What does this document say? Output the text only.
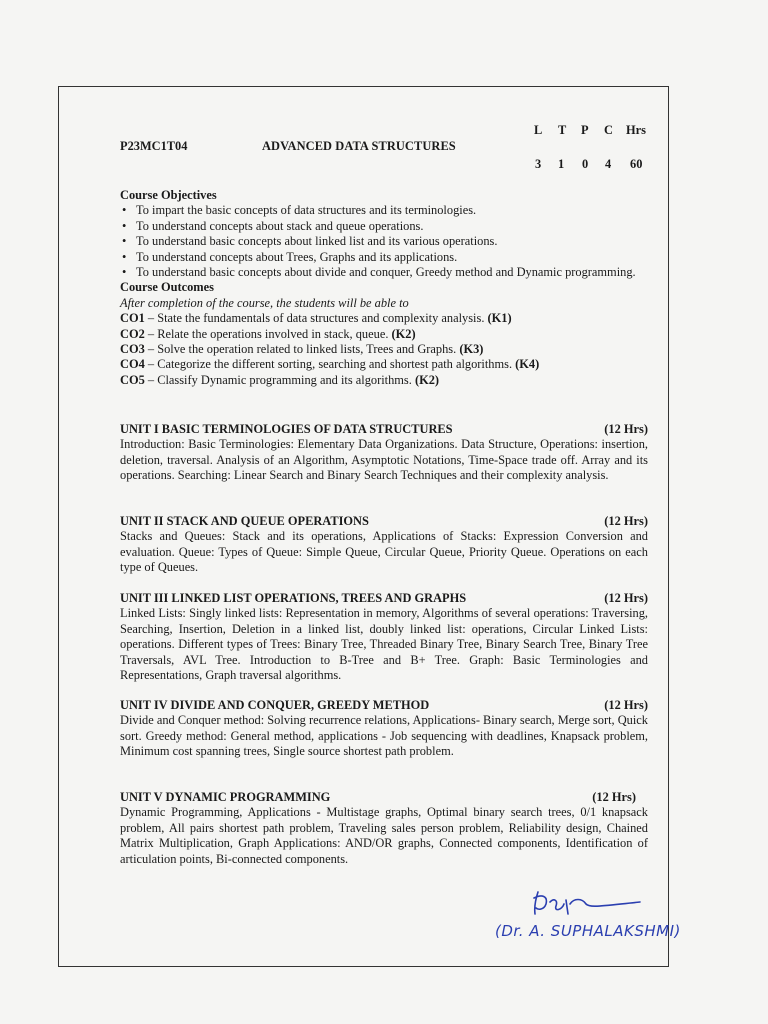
P23MC1T04	ADVANCED DATA STRUCTURES
L T P C Hrs
3 1 0 4 60
Course Objectives
• To impart the basic concepts of data structures and its terminologies.
• To understand concepts about stack and queue operations.
• To understand basic concepts about linked list and its various operations.
• To understand concepts about Trees, Graphs and its applications.
• To understand basic concepts about divide and conquer, Greedy method and Dynamic programming.
Course Outcomes
After completion of the course, the students will be able to
CO1 – State the fundamentals of data structures and complexity analysis. (K1)
CO2 – Relate the operations involved in stack, queue. (K2)
CO3 – Solve the operation related to linked lists, Trees and Graphs. (K3)
CO4 – Categorize the different sorting, searching and shortest path algorithms. (K4)
CO5 – Classify Dynamic programming and its algorithms. (K2)
UNIT I BASIC TERMINOLOGIES OF DATA STRUCTURES	(12 Hrs)
Introduction: Basic Terminologies: Elementary Data Organizations. Data Structure, Operations: insertion, deletion, traversal. Analysis of an Algorithm, Asymptotic Notations, Time-Space trade off. Array and its operations. Searching: Linear Search and Binary Search Techniques and their complexity analysis.
UNIT II STACK AND QUEUE OPERATIONS	(12 Hrs)
Stacks and Queues: Stack and its operations, Applications of Stacks: Expression Conversion and evaluation. Queue: Types of Queue: Simple Queue, Circular Queue, Priority Queue. Operations on each type of Queues.
UNIT III LINKED LIST OPERATIONS, TREES AND GRAPHS	(12 Hrs)
Linked Lists: Singly linked lists: Representation in memory, Algorithms of several operations: Traversing, Searching, Insertion, Deletion in a linked list, doubly linked list: operations, Circular Linked Lists: operations. Different types of Trees: Binary Tree, Threaded Binary Tree, Binary Search Tree, Binary Tree Traversals, AVL Tree. Introduction to B-Tree and B+ Tree. Graph: Basic Terminologies and Representations, Graph traversal algorithms.
UNIT IV DIVIDE AND CONQUER, GREEDY METHOD	(12 Hrs)
Divide and Conquer method: Solving recurrence relations, Applications- Binary search, Merge sort, Quick sort. Greedy method: General method, applications - Job sequencing with deadlines, Knapsack problem, Minimum cost spanning trees, Single source shortest path problem.
UNIT V DYNAMIC PROGRAMMING	(12 Hrs)
Dynamic Programming, Applications - Multistage graphs, Optimal binary search trees, 0/1 knapsack problem, All pairs shortest path problem, Traveling sales person problem, Reliability design, Chained Matrix Multiplication, Graph Applications: AND/OR graphs, Connected components, Identification of articulation points, Bi-connected components.
(Dr. A. SUPHALAKSHMI)
